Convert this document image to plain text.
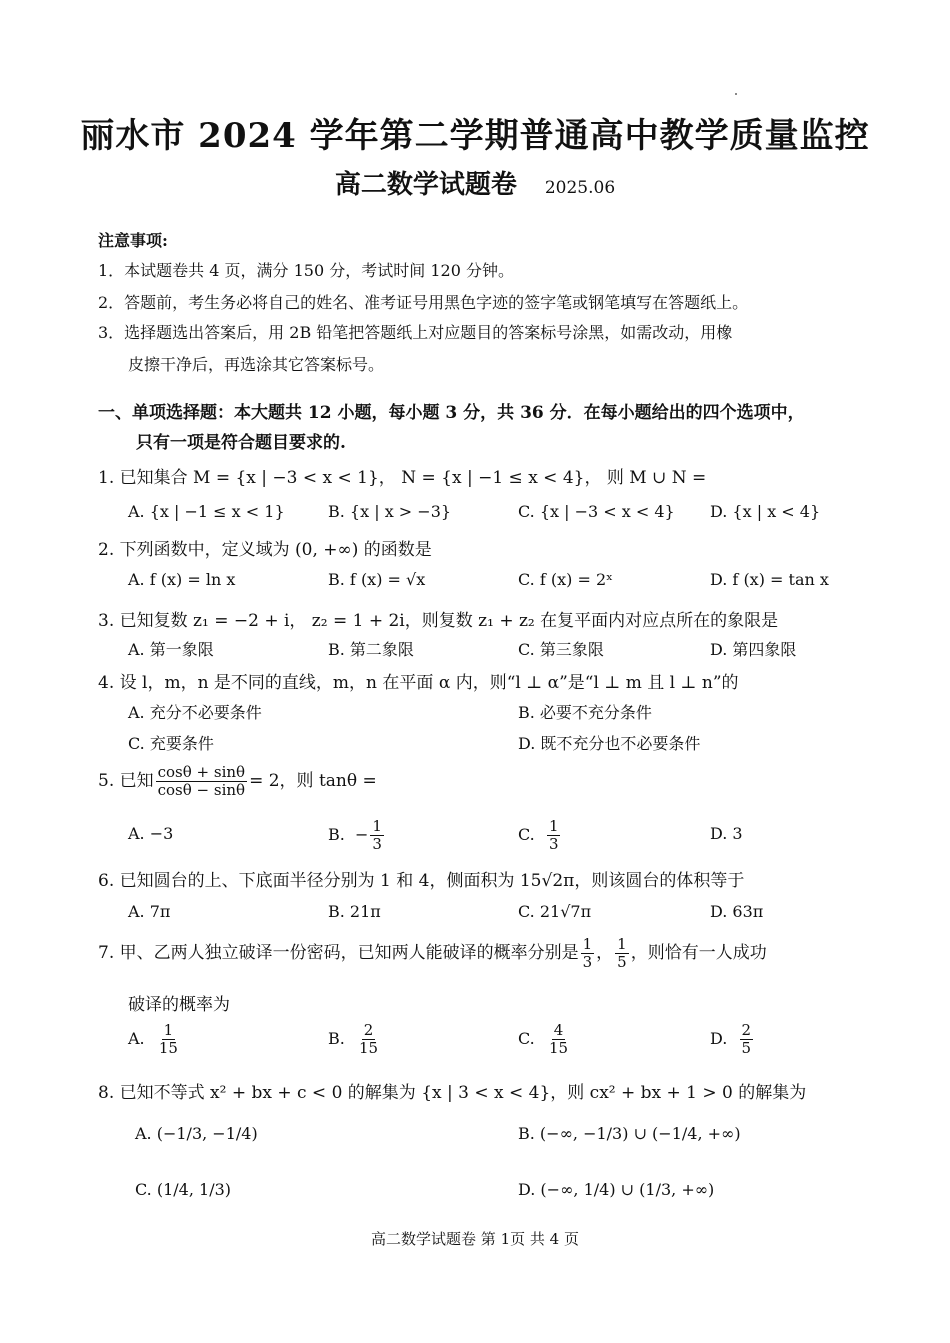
丽水市 2024 学年第二学期普通高中教学质量监控
高二数学试题卷 2025.06
注意事项:
1．本试题卷共 4 页，满分 150 分，考试时间 120 分钟。
2．答题前，考生务必将自己的姓名、准考证号用黑色字迹的签字笔或钢笔填写在答题纸上。
3．选择题选出答案后，用 2B 铅笔把答题纸上对应题目的答案标号涂黑，如需改动，用橡
皮擦干净后，再选涂其它答案标号。
一、单项选择题：本大题共 12 小题，每小题 3 分，共 36 分．在每小题给出的四个选项中，
只有一项是符合题目要求的.
1. 已知集合 M = {x | −3 < x < 1}， N = {x | −1 ≤ x < 4}， 则 M ∪ N =
A. {x | −1 ≤ x < 1}	B. {x | x > −3}	C. {x | −3 < x < 4} D. {x | x < 4}
2. 下列函数中，定义域为 (0, +∞) 的函数是
A. f (x) = ln x	B. f (x) = √x	C. f (x) = 2ˣ	D. f (x) = tan x
3. 已知复数 z₁ = −2 + i， z₂ = 1 + 2i，则复数 z₁ + z₂ 在复平面内对应点所在的象限是
A. 第一象限	B. 第二象限	C. 第三象限	D. 第四象限
4. 设 l，m，n 是不同的直线，m，n 在平面 α 内，则“l ⊥ α”是“l ⊥ m 且 l ⊥ n”的
A. 充分不必要条件	B. 必要不充分条件
C. 充要条件	D. 既不充分也不必要条件
5. 已知 $\frac{\cos\theta + \sin\theta}{\cos\theta - \sin\theta} = 2$，则 tanθ =
A. −3	B. − $\frac{1}{3}$	C. $\frac{1}{3}$	D. 3
6. 已知圆台的上、下底面半径分别为 1 和 4，侧面积为 15√2π，则该圆台的体积等于
A. 7π	B. 21π	C. 21√7π	D. 63π
7. 甲、乙两人独立破译一份密码，已知两人能破译的概率分别是 $\frac{1}{3}$ ， $\frac{1}{5}$ ，则恰有一人成功
破译的概率为
A. $\frac{1}{15}$	B. $\frac{2}{15}$	C. $\frac{4}{15}$	D. $\frac{2}{5}$
8. 已知不等式 x² + bx + c < 0 的解集为 {x | 3 < x < 4}，则 cx² + bx + 1 > 0 的解集为
A. (−1/3, −1/4)	B. (−∞, −1/3) ∪ (−1/4, +∞)
C. (1/4, 1/3)	D. (−∞, 1/4) ∪ (1/3, +∞)
高二数学试题卷 第 1页 共 4 页
